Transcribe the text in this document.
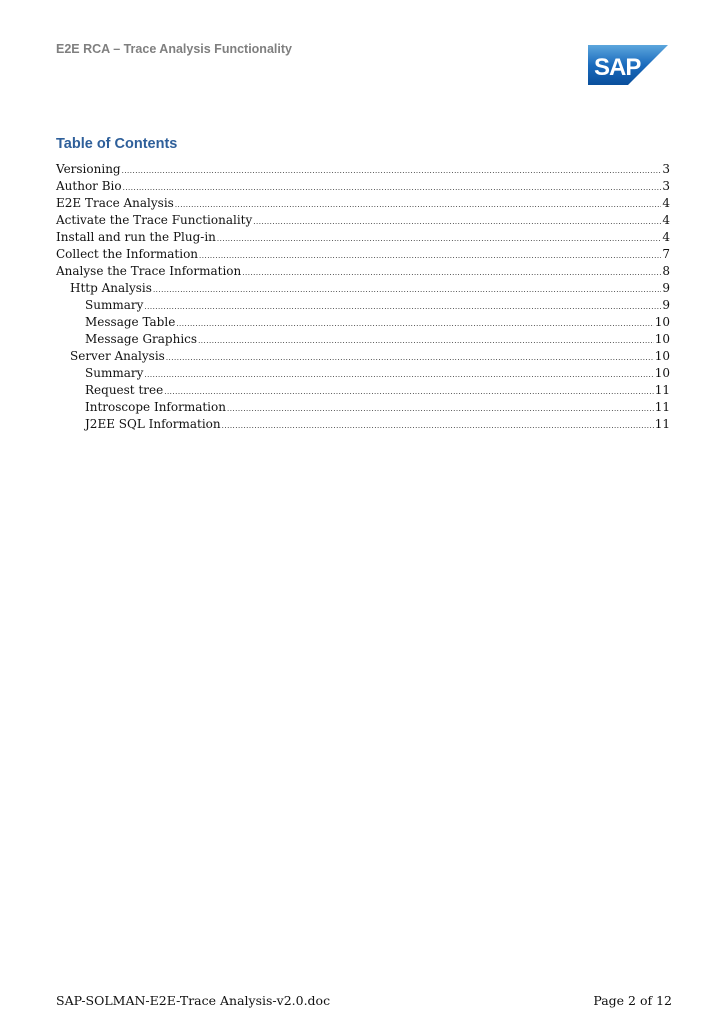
E2E RCA – Trace Analysis Functionality
SAP
Table of Contents
Versioning .....	3
Author Bio .....	3
E2E Trace Analysis .....	4
Activate the Trace Functionality .....	4
Install and run the Plug-in .....	4
Collect the Information .....	7
Analyse the Trace Information .....	8
Http Analysis .....	9
Summary .....	9
Message Table .....	10
Message Graphics .....	10
Server Analysis .....	10
Summary .....	10
Request tree .....	11
Introscope Information .....	11
J2EE SQL Information .....	11
SAP-SOLMAN-E2E-Trace Analysis-v2.0.doc	Page 2 of 12
